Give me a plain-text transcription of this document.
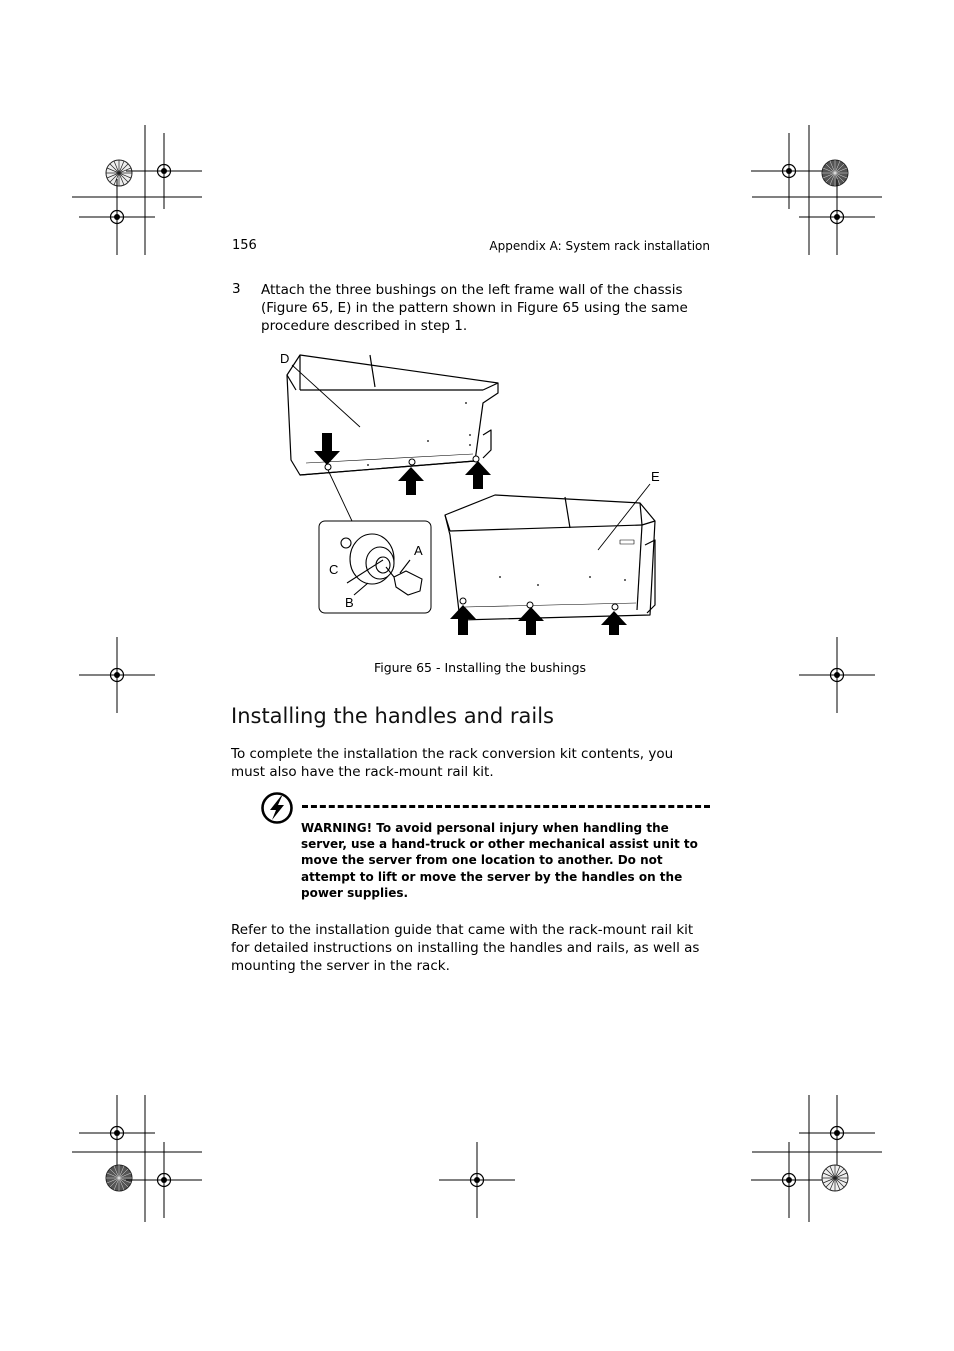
156	Appendix A: System rack installation
3 Attach the three bushings on the left frame wall of the chassis (Figure 65, E) in the pattern shown in Figure 65 using the same procedure described in step 1.
D
E
A
C
B
Figure 65 - Installing the bushings
Installing the handles and rails
To complete the installation the rack conversion kit contents, you must also have the rack-mount rail kit.
WARNING! To avoid personal injury when handling the server, use a hand-truck or other mechanical assist unit to move the server from one location to another. Do not attempt to lift or move the server by the handles on the power supplies.
Refer to the installation guide that came with the rack-mount rail kit for detailed instructions on installing the handles and rails, as well as mounting the server in the rack.
